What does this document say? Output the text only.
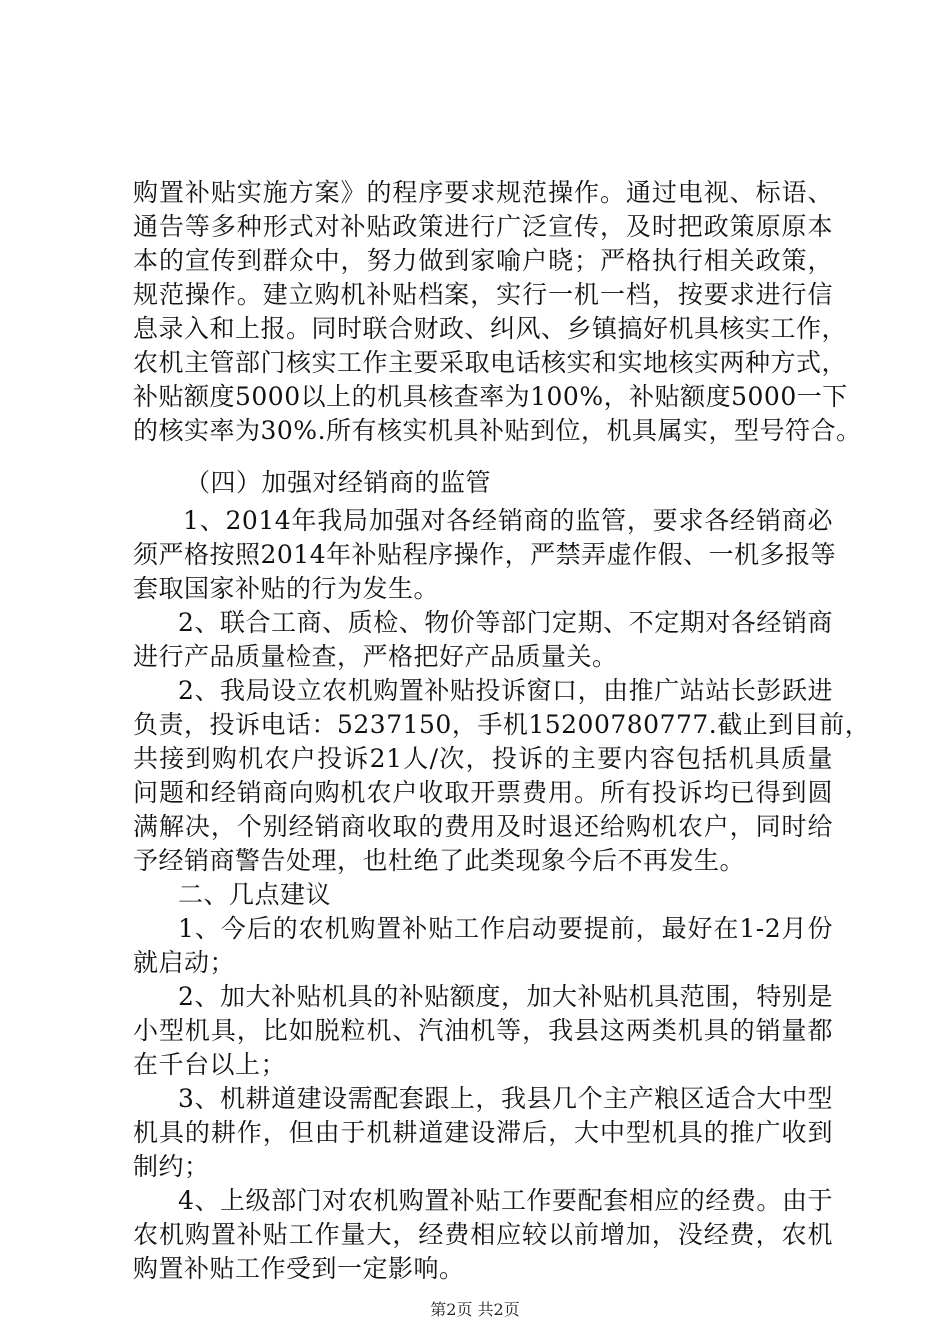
购置补贴实施方案》的程序要求规范操作。通过电视、标语、
通告等多种形式对补贴政策进行广泛宣传，及时把政策原原本
本的宣传到群众中，努力做到家喻户晓；严格执行相关政策，
规范操作。建立购机补贴档案，实行一机一档，按要求进行信
息录入和上报。同时联合财政、纠风、乡镇搞好机具核实工作，
农机主管部门核实工作主要采取电话核实和实地核实两种方式，
补贴额度5000以上的机具核查率为100%，补贴额度5000一下
的核实率为30%.所有核实机具补贴到位，机具属实，型号符合。
（四）加强对经销商的监管
1、2014年我局加强对各经销商的监管，要求各经销商必
须严格按照2014年补贴程序操作，严禁弄虚作假、一机多报等
套取国家补贴的行为发生。
2、联合工商、质检、物价等部门定期、不定期对各经销商
进行产品质量检查，严格把好产品质量关。
2、我局设立农机购置补贴投诉窗口，由推广站站长彭跃进
负责，投诉电话：5237150，手机15200780777.截止到目前，
共接到购机农户投诉21人/次，投诉的主要内容包括机具质量
问题和经销商向购机农户收取开票费用。所有投诉均已得到圆
满解决，个别经销商收取的费用及时退还给购机农户，同时给
予经销商警告处理，也杜绝了此类现象今后不再发生。
二、几点建议
1、今后的农机购置补贴工作启动要提前，最好在1-2月份
就启动；
2、加大补贴机具的补贴额度，加大补贴机具范围，特别是
小型机具，比如脱粒机、汽油机等，我县这两类机具的销量都
在千台以上；
3、机耕道建设需配套跟上，我县几个主产粮区适合大中型
机具的耕作，但由于机耕道建设滞后，大中型机具的推广收到
制约；
4、上级部门对农机购置补贴工作要配套相应的经费。由于
农机购置补贴工作量大，经费相应较以前增加，没经费，农机
购置补贴工作受到一定影响。
第2页 共2页
